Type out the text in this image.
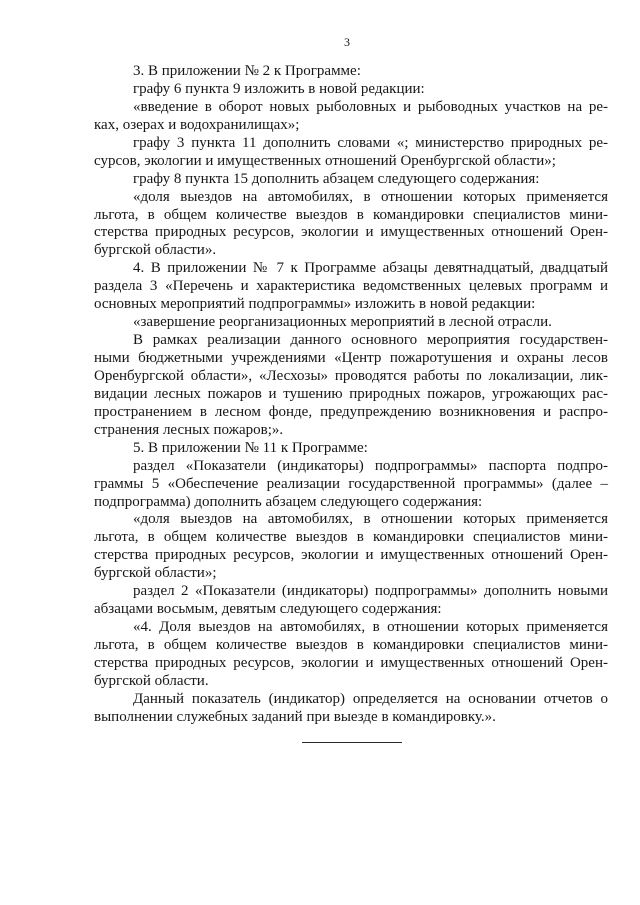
3
3. В приложении № 2 к Программе:
графу 6 пункта 9 изложить в новой редакции:
«введение в оборот новых рыболовных и рыбоводных участков на ре-
ках, озерах и водохранилищах»;
графу 3 пункта 11 дополнить словами «; министерство природных ре-
сурсов, экологии и имущественных отношений Оренбургской области»;
графу 8 пункта 15 дополнить абзацем следующего содержания:
«доля выездов на автомобилях, в отношении которых применяется
льгота, в общем количестве выездов в командировки специалистов мини-
стерства природных ресурсов, экологии и имущественных отношений Орен-
бургской области».
4. В приложении № 7 к Программе абзацы девятнадцатый, двадцатый
раздела 3 «Перечень и характеристика ведомственных целевых программ и
основных мероприятий подпрограммы» изложить в новой редакции:
«завершение реорганизационных мероприятий в лесной отрасли.
В рамках реализации данного основного мероприятия государствен-
ными бюджетными учреждениями «Центр пожаротушения и охраны лесов
Оренбургской области», «Лесхозы» проводятся работы по локализации, лик-
видации лесных пожаров и тушению природных пожаров, угрожающих рас-
пространением в лесном фонде, предупреждению возникновения и распро-
странения лесных пожаров;».
5. В приложении № 11 к Программе:
раздел «Показатели (индикаторы) подпрограммы» паспорта подпро-
граммы 5 «Обеспечение реализации государственной программы» (далее –
подпрограмма) дополнить абзацем следующего содержания:
«доля выездов на автомобилях, в отношении которых применяется
льгота, в общем количестве выездов в командировки специалистов мини-
стерства природных ресурсов, экологии и имущественных отношений Орен-
бургской области»;
раздел 2 «Показатели (индикаторы) подпрограммы» дополнить новыми
абзацами восьмым, девятым следующего содержания:
«4. Доля выездов на автомобилях, в отношении которых применяется
льгота, в общем количестве выездов в командировки специалистов мини-
стерства природных ресурсов, экологии и имущественных отношений Орен-
бургской области.
Данный показатель (индикатор) определяется на основании отчетов о
выполнении служебных заданий при выезде в командировку.».
